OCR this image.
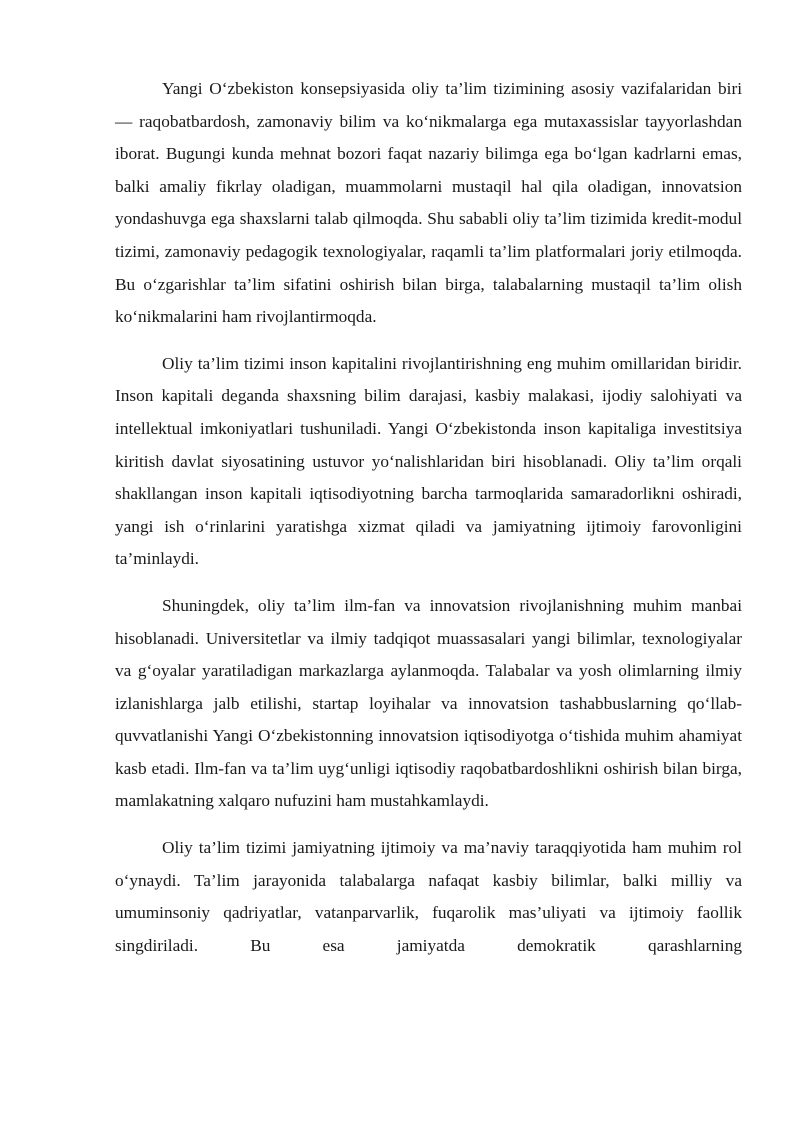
Yangi O‘zbekiston konsepsiyasida oliy ta’lim tizimining asosiy vazifalaridan biri — raqobatbardosh, zamonaviy bilim va ko‘nikmalarga ega mutaxassislar tayyorlashdan iborat. Bugungi kunda mehnat bozori faqat nazariy bilimga ega bo‘lgan kadrlarni emas, balki amaliy fikrlay oladigan, muammolarni mustaqil hal qila oladigan, innovatsion yondashuvga ega shaxslarni talab qilmoqda. Shu sababli oliy ta’lim tizimida kredit-modul tizimi, zamonaviy pedagogik texnologiyalar, raqamli ta’lim platformalari joriy etilmoqda. Bu o‘zgarishlar ta’lim sifatini oshirish bilan birga, talabalarning mustaqil ta’lim olish ko‘nikmalarini ham rivojlantirmoqda.

Oliy ta’lim tizimi inson kapitalini rivojlantirishning eng muhim omillaridan biridir. Inson kapitali deganda shaxsning bilim darajasi, kasbiy malakasi, ijodiy salohiyati va intellektual imkoniyatlari tushuniladi. Yangi O‘zbekistonda inson kapitaliga investitsiya kiritish davlat siyosatining ustuvor yo‘nalishlaridan biri hisoblanadi. Oliy ta’lim orqali shakllangan inson kapitali iqtisodiyotning barcha tarmoqlarida samaradorlikni oshiradi, yangi ish o‘rinlarini yaratishga xizmat qiladi va jamiyatning ijtimoiy farovonligini ta’minlaydi.

Shuningdek, oliy ta’lim ilm-fan va innovatsion rivojlanishning muhim manbai hisoblanadi. Universitetlar va ilmiy tadqiqot muassasalari yangi bilimlar, texnologiyalar va g‘oyalar yaratiladigan markazlarga aylanmoqda. Talabalar va yosh olimlarning ilmiy izlanishlarga jalb etilishi, startap loyihalar va innovatsion tashabbuslarning qo‘llab-quvvatlanishi Yangi O‘zbekistonning innovatsion iqtisodiyotga o‘tishida muhim ahamiyat kasb etadi. Ilm-fan va ta’lim uyg‘unligi iqtisodiy raqobatbardoshlikni oshirish bilan birga, mamlakatning xalqaro nufuzini ham mustahkamlaydi.

Oliy ta’lim tizimi jamiyatning ijtimoiy va ma’naviy taraqqiyotida ham muhim rol o‘ynaydi. Ta’lim jarayonida talabalarga nafaqat kasbiy bilimlar, balki milliy va umuminsoniy qadriyatlar, vatanparvarlik, fuqarolik mas’uliyati va ijtimoiy faollik singdiriladi. Bu esa jamiyatda demokratik qarashlarning
